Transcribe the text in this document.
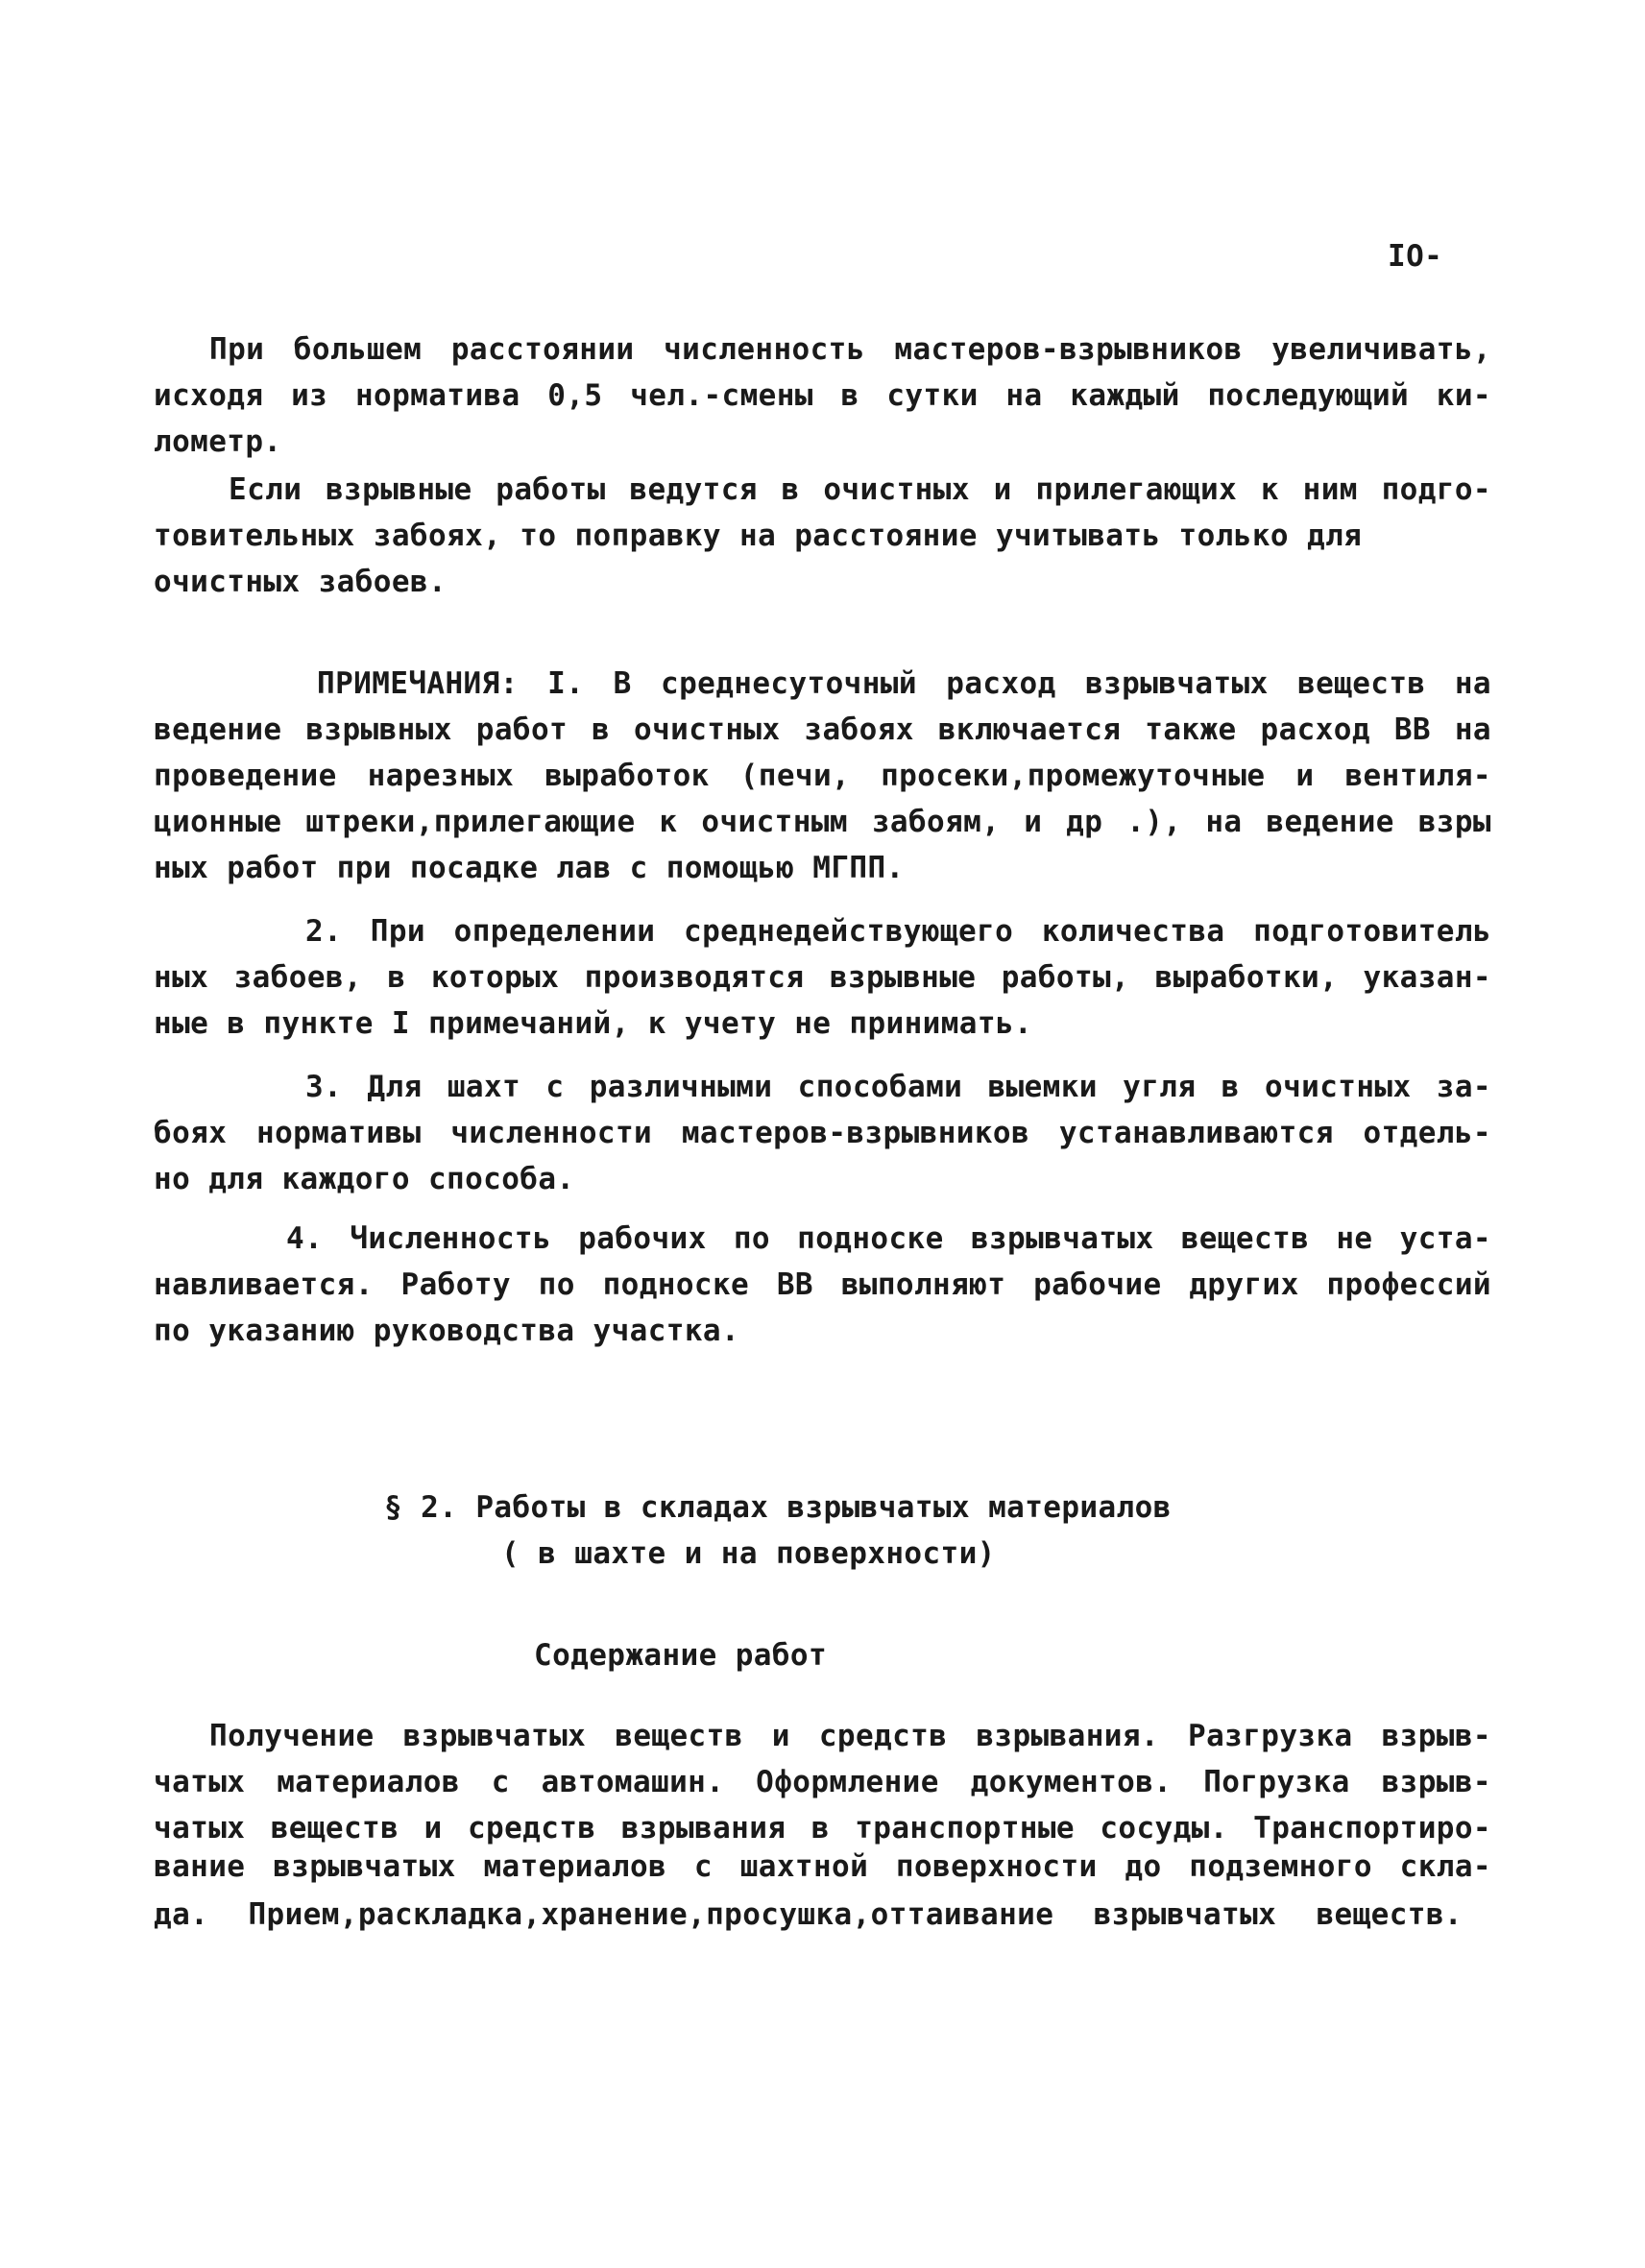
IO-
При большем расстоянии численность мастеров-взрывников увеличивать,
исходя из норматива 0,5 чел.-смены в сутки на каждый последующий ки-
лометр.
Если взрывные работы ведутся в очистных и прилегающих к ним подго-
товительных забоях, то поправку на расстояние учитывать только для
очистных забоев.
ПРИМЕЧАНИЯ: I. В среднесуточный расход взрывчатых веществ на
ведение взрывных работ в очистных забоях включается также расход ВВ на
проведение нарезных выработок (печи, просеки,промежуточные и вентиля-
ционные штреки,прилегающие к очистным забоям, и др .), на ведение взры
ных работ при посадке лав с помощью МГПП.
2. При определении среднедействующего количества подготовитель
ных забоев, в которых производятся взрывные работы, выработки, указан-
ные в пункте I примечаний, к учету не принимать.
3. Для шахт с различными способами выемки угля в очистных за-
боях нормативы численности мастеров-взрывников устанавливаются отдель-
но для каждого способа.
4. Численность рабочих по подноске взрывчатых веществ не уста-
навливается. Работу по подноске ВВ выполняют рабочие других профессий
по указанию руководства участка.
§ 2. Работы в складах взрывчатых материалов
( в шахте и на поверхности)
Содержание работ
Получение взрывчатых веществ и средств взрывания. Разгрузка взрыв-
чатых материалов с автомашин. Оформление документов. Погрузка взрыв-
чатых веществ и средств взрывания в транспортные сосуды. Транспортиро-
вание взрывчатых материалов с шахтной поверхности до подземного скла-
да. Прием,раскладка,хранение,просушка,оттаивание взрывчатых веществ.
